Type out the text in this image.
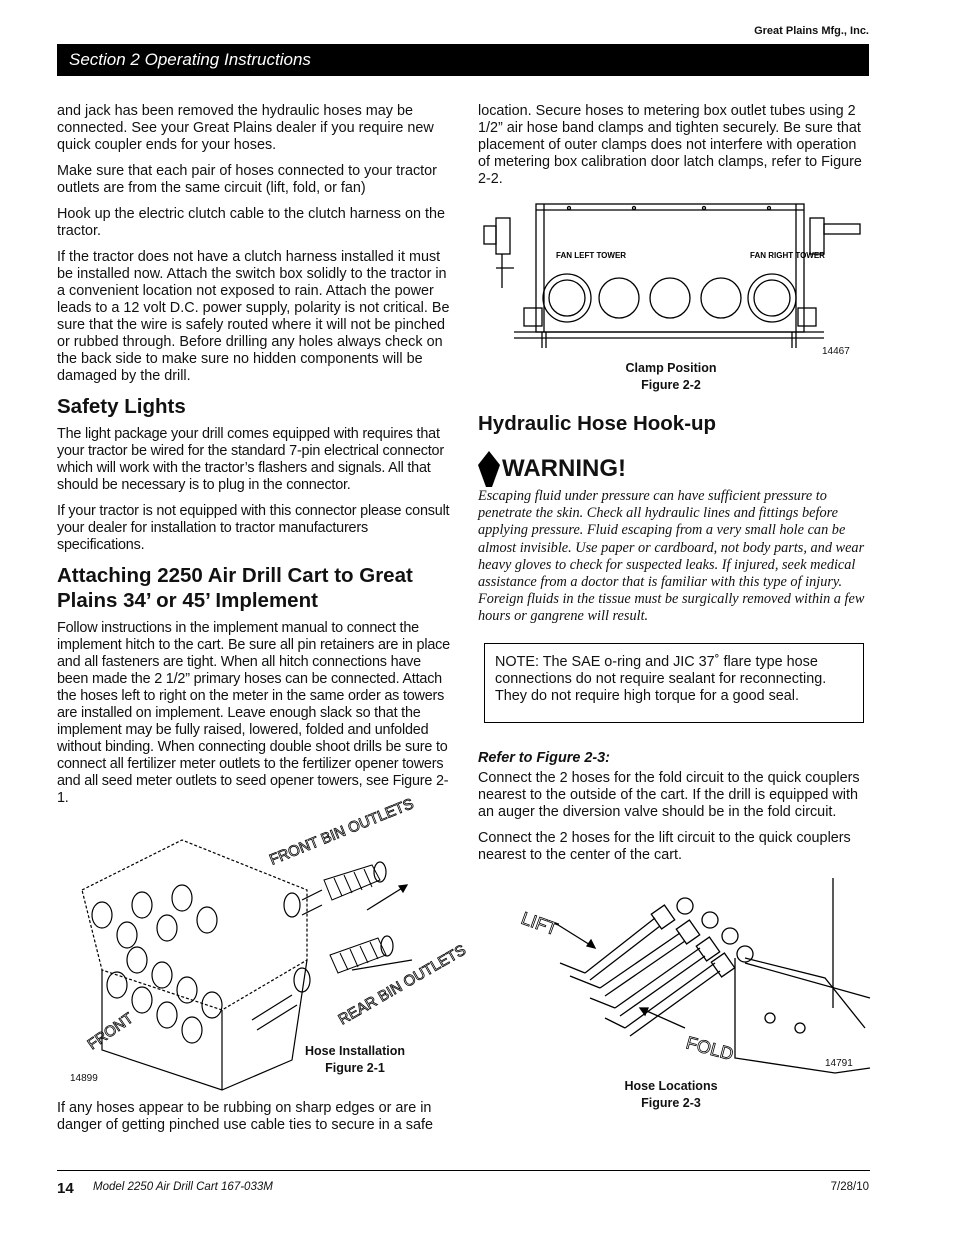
Great Plains Mfg., Inc.
Section 2 Operating Instructions

and jack has been removed the hydraulic hoses may be connected. See your Great Plains dealer if you require new quick coupler ends for your hoses.

Make sure that each pair of hoses connected to your tractor outlets are from the same circuit (lift, fold, or fan)

Hook up the electric clutch cable to the clutch harness on the tractor.

If the tractor does not have a clutch harness installed it must be installed now. Attach the switch box solidly to the tractor in a convenient location not exposed to rain. Attach the power leads to a 12 volt D.C. power supply, polarity is not critical. Be sure that the wire is safely routed where it will not be pinched or rubbed through. Before drilling any holes always check on the back side to make sure no hidden components will be damaged by the drill.

Safety Lights

The light package your drill comes equipped with requires that your tractor be wired for the standard 7-pin electrical connector which will work with the tractor’s flashers and signals. All that should be necessary is to plug in the connector.

If your tractor is not equipped with this connector please consult your dealer for installation to tractor manufacturers specifications.

Attaching 2250 Air Drill Cart to Great Plains 34’ or 45’ Implement

Follow instructions in the implement manual to connect the implement hitch to the cart. Be sure all pin retainers are in place and all fasteners are tight. When all hitch connections have been made the 2 1/2” primary hoses can be connected. Attach the hoses left to right on the meter in the same order as towers are installed on implement. Leave enough slack so that the implement may be fully raised, lowered, folded and unfolded without binding. When connecting double shoot drills be sure to connect all fertilizer meter outlets to the fertilizer opener towers and all seed meter outlets to seed opener towers, see Figure 2-1.	FRONT BIN OUTLETS
REAR BIN OUTLETS
FRONT	Hose Installation
Figure 2-1
14899

If any hoses appear to be rubbing on sharp edges or are in danger of getting pinched use cable ties to secure in a safe

location. Secure hoses to metering box outlet tubes using 2 1/2” air hose band clamps and tighten securely. Be sure that placement of outer clamps does not interfere with operation of metering box calibration door latch clamps, refer to Figure 2-2.

FAN LEFT TOWER	FAN RIGHT TOWER
14467
Clamp Position
Figure 2-2
Hydraulic Hose Hook-up
WARNING!
Escaping fluid under pressure can have sufficient pressure to penetrate the skin. Check all hydraulic lines and fittings before applying pressure. Fluid escaping from a very small hole can be almost invisible. Use paper or cardboard, not body parts, and wear heavy gloves to check for suspected leaks. If injured, seek medical assistance from a doctor that is familiar with this type of injury. Foreign fluids in the tissue must be surgically removed within a few hours or gangrene will result.
NOTE: The SAE o-ring and JIC 37˚ flare type hose connections do not require sealant for reconnecting. They do not require high torque for a good seal.

Refer to Figure 2-3:

Connect the 2 hoses for the fold circuit to the quick couplers nearest to the outside of the cart. If the drill is equipped with an auger the diversion valve should be in the fold circuit.

Connect the 2 hoses for the lift circuit to the quick couplers nearest to the center of the cart.

LIFT
FOLD	14791
Hose Locations
Figure 2-3
14 Model 2250 Air Drill Cart 167-033M	7/28/10
